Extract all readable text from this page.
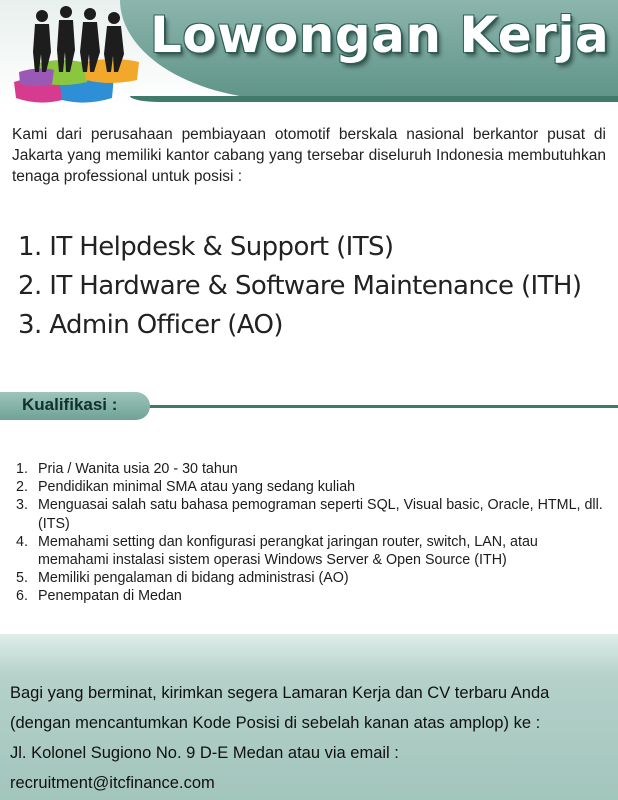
Lowongan Kerja
Kami dari perusahaan pembiayaan otomotif berskala nasional berkantor pusat di Jakarta yang memiliki kantor cabang yang tersebar diseluruh Indonesia membutuhkan tenaga professional untuk posisi :
1. IT Helpdesk & Support (ITS)
2. IT Hardware & Software Maintenance (ITH)
3. Admin Officer (AO)
Kualifikasi :
1. Pria / Wanita usia 20 - 30 tahun
2. Pendidikan minimal SMA atau yang sedang kuliah
3. Menguasai salah satu bahasa pemograman seperti SQL, Visual basic, Oracle, HTML, dll. (ITS)
4. Memahami setting dan konfigurasi perangkat jaringan router, switch, LAN, atau memahami instalasi sistem operasi Windows Server & Open Source (ITH)
5. Memiliki pengalaman di bidang administrasi (AO)
6. Penempatan di Medan
Bagi yang berminat, kirimkan segera Lamaran Kerja dan CV terbaru Anda
(dengan mencantumkan Kode Posisi di sebelah kanan atas amplop) ke :
Jl. Kolonel Sugiono No. 9 D-E Medan atau via email :
recruitment@itcfinance.com
